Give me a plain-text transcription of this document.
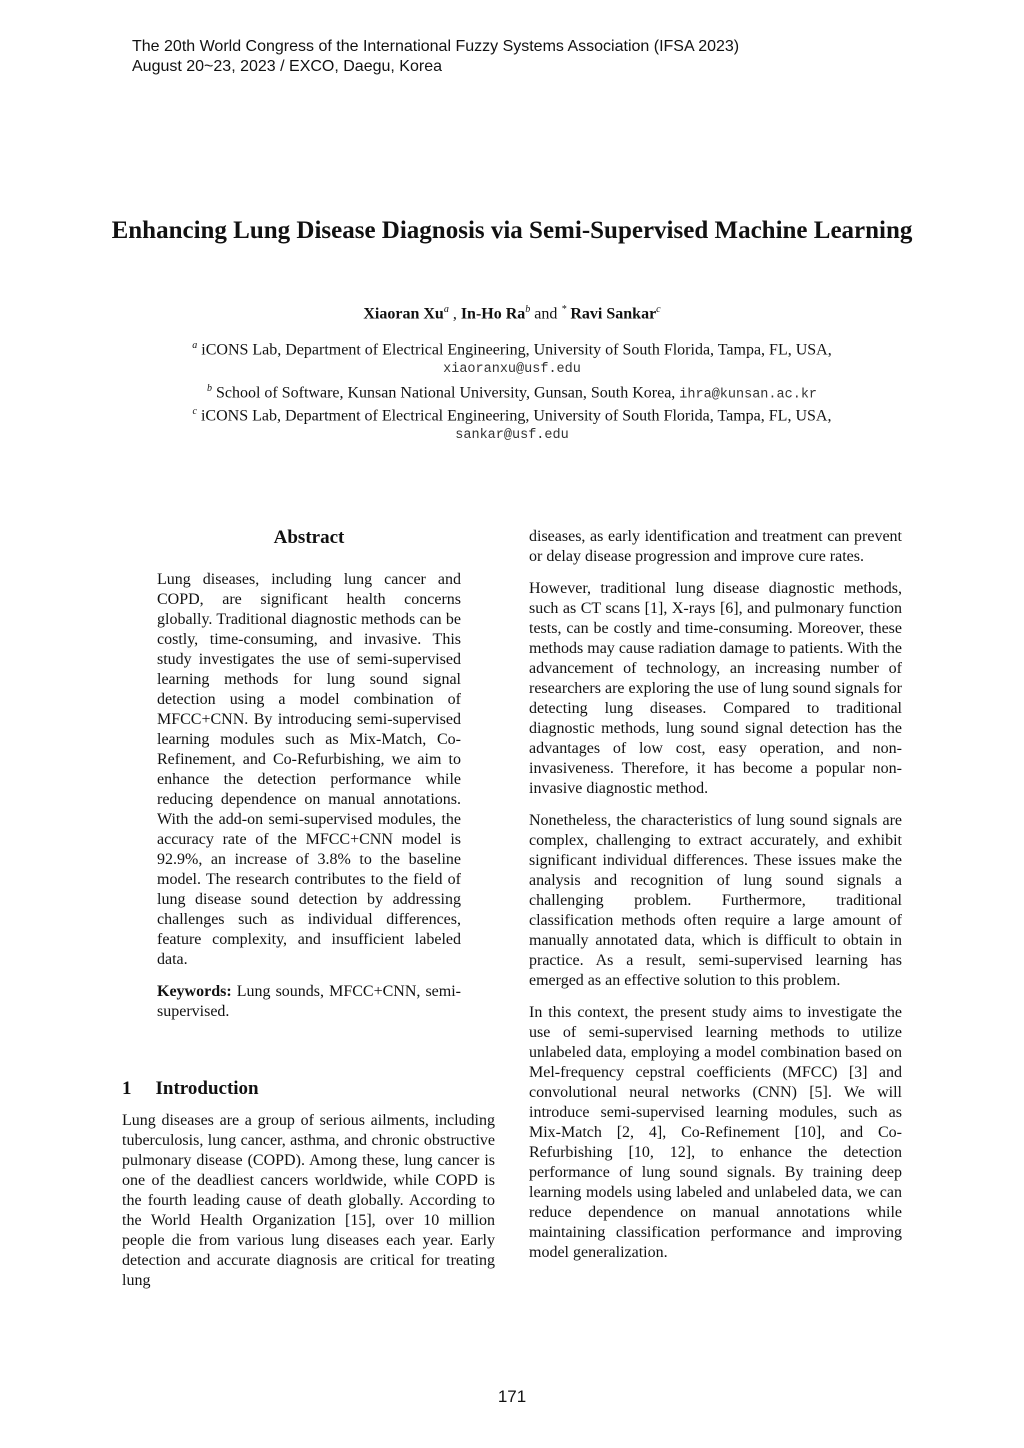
The 20th World Congress of the International Fuzzy Systems Association (IFSA 2023)
August 20~23, 2023 / EXCO, Daegu, Korea
Enhancing Lung Disease Diagnosis via Semi-Supervised Machine Learning
Xiaoran Xu$^a$ , In-Ho Ra$^b$ and * Ravi Sankar$^c$
$^a$ iCONS Lab, Department of Electrical Engineering, University of South Florida, Tampa, FL, USA,
xiaoranxu@usf.edu
$^b$ School of Software, Kunsan National University, Gunsan, South Korea, ihra@kunsan.ac.kr
$^c$ iCONS Lab, Department of Electrical Engineering, University of South Florida, Tampa, FL, USA,
sankar@usf.edu
Abstract

Lung diseases, including lung cancer and COPD, are significant health concerns globally. Traditional diagnostic methods can be costly, time-consuming, and invasive. This study investigates the use of semi-supervised learning methods for lung sound signal detection using a model combination of MFCC+CNN. By introducing semi-supervised learning modules such as Mix-Match, Co-Refinement, and Co-Refurbishing, we aim to enhance the detection performance while reducing dependence on manual annotations. With the add-on semi-supervised modules, the accuracy rate of the MFCC+CNN model is 92.9%, an increase of 3.8% to the baseline model. The research contributes to the field of lung disease sound detection by addressing challenges such as individual differences, feature complexity, and insufficient labeled data.

Keywords: Lung sounds, MFCC+CNN, semi-supervised.

1 Introduction

Lung diseases are a group of serious ailments, including tuberculosis, lung cancer, asthma, and chronic obstructive pulmonary disease (COPD). Among these, lung cancer is one of the deadliest cancers worldwide, while COPD is the fourth leading cause of death globally. According to the World Health Organization [15], over 10 million people die from various lung diseases each year. Early detection and accurate diagnosis are critical for treating lung

diseases, as early identification and treatment can prevent or delay disease progression and improve cure rates.

However, traditional lung disease diagnostic methods, such as CT scans [1], X-rays [6], and pulmonary function tests, can be costly and time-consuming. Moreover, these methods may cause radiation damage to patients. With the advancement of technology, an increasing number of researchers are exploring the use of lung sound signals for detecting lung diseases. Compared to traditional diagnostic methods, lung sound signal detection has the advantages of low cost, easy operation, and non-invasiveness. Therefore, it has become a popular non-invasive diagnostic method.

Nonetheless, the characteristics of lung sound signals are complex, challenging to extract accurately, and exhibit significant individual differences. These issues make the analysis and recognition of lung sound signals a challenging problem. Furthermore, traditional classification methods often require a large amount of manually annotated data, which is difficult to obtain in practice. As a result, semi-supervised learning has emerged as an effective solution to this problem.

In this context, the present study aims to investigate the use of semi-supervised learning methods to utilize unlabeled data, employing a model combination based on Mel-frequency cepstral coefficients (MFCC) [3] and convolutional neural networks (CNN) [5]. We will introduce semi-supervised learning modules, such as Mix-Match [2, 4], Co-Refinement [10], and Co-Refurbishing [10, 12], to enhance the detection performance of lung sound signals. By training deep learning models using labeled and unlabeled data, we can reduce dependence on manual annotations while maintaining classification performance and improving model generalization.

171
